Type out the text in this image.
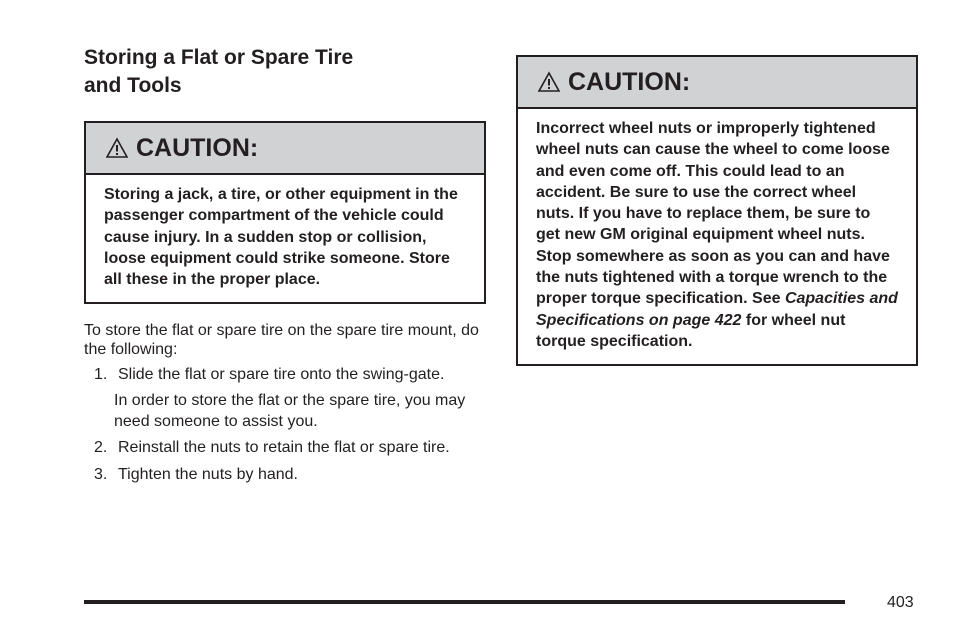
Storing a Flat or Spare Tire
and Tools
CAUTION:
Storing a jack, a tire, or other equipment in the passenger compartment of the vehicle could cause injury. In a sudden stop or collision, loose equipment could strike someone. Store all these in the proper place.
To store the flat or spare tire on the spare tire mount, do the following:
1. Slide the flat or spare tire onto the swing-gate.
In order to store the flat or the spare tire, you may need someone to assist you.
2. Reinstall the nuts to retain the flat or spare tire.
3. Tighten the nuts by hand.
CAUTION:
Incorrect wheel nuts or improperly tightened wheel nuts can cause the wheel to come loose and even come off. This could lead to an accident. Be sure to use the correct wheel nuts. If you have to replace them, be sure to get new GM original equipment wheel nuts. Stop somewhere as soon as you can and have the nuts tightened with a torque wrench to the proper torque specification. See Capacities and Specifications on page 422 for wheel nut torque specification.
403
